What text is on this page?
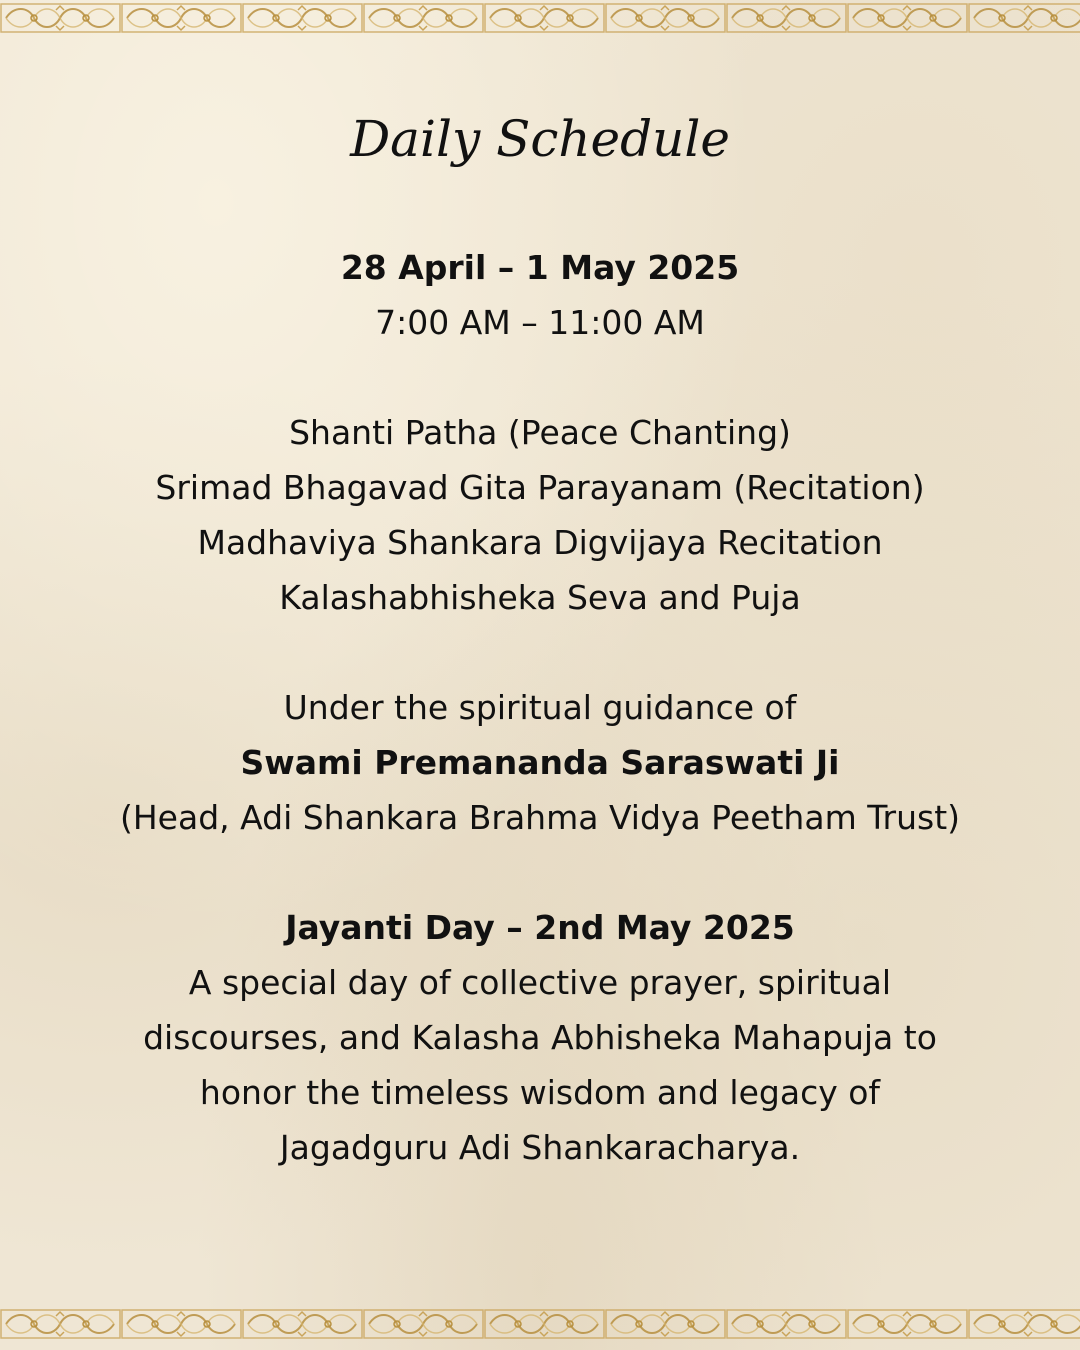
Daily Schedule
28 April – 1 May 2025
7:00 AM – 11:00 AM
Shanti Patha (Peace Chanting)
Srimad Bhagavad Gita Parayanam (Recitation)
Madhaviya Shankara Digvijaya Recitation
Kalashabhisheka Seva and Puja
Under the spiritual guidance of
Swami Premananda Saraswati Ji
(Head, Adi Shankara Brahma Vidya Peetham Trust)
Jayanti Day – 2nd May 2025
A special day of collective prayer, spiritual
discourses, and Kalasha Abhisheka Mahapuja to
honor the timeless wisdom and legacy of
Jagadguru Adi Shankaracharya.
